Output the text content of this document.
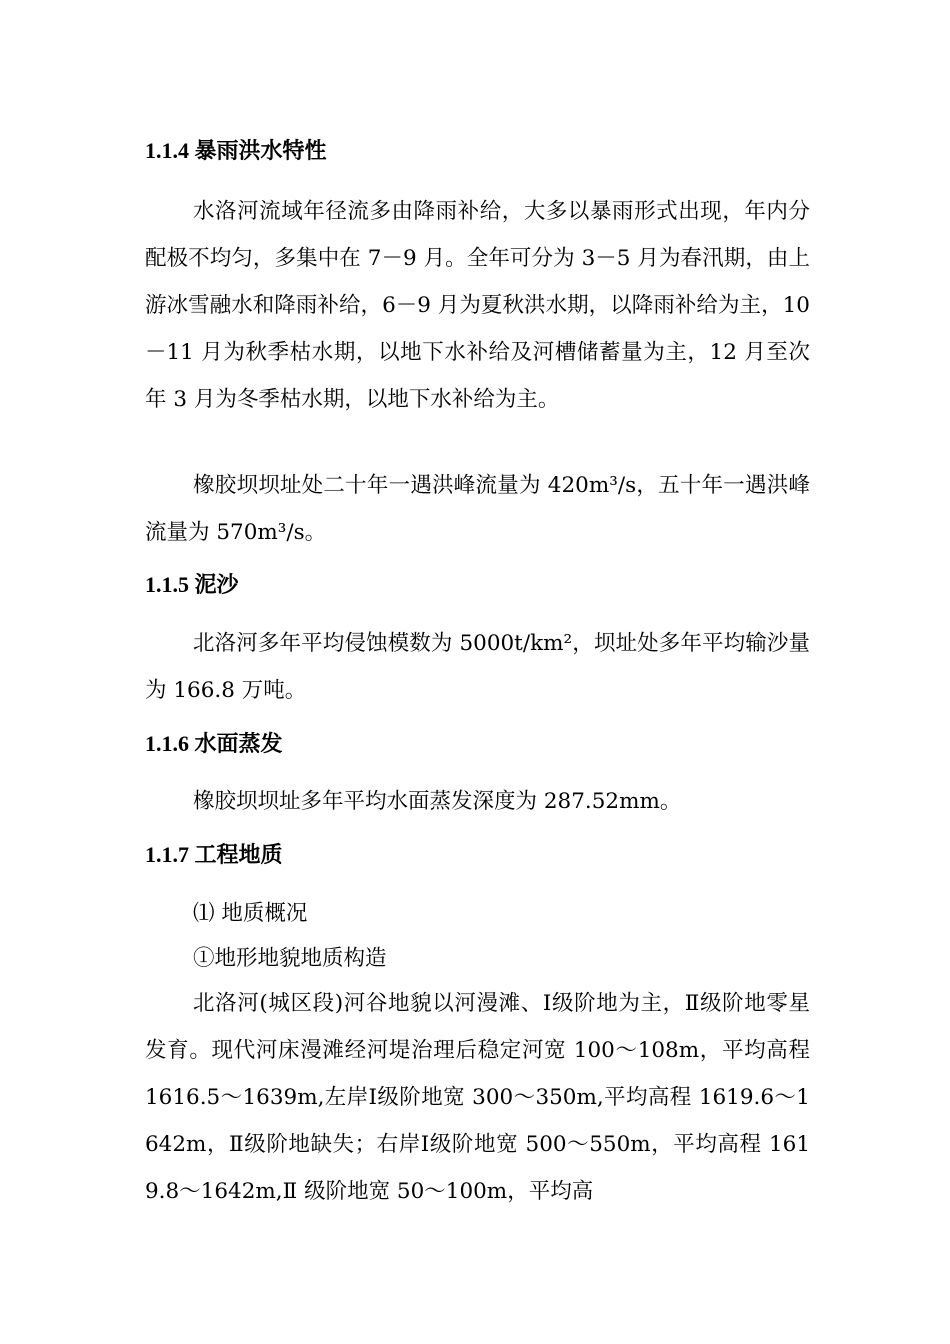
1.1.4 暴雨洪水特性
水洛河流域年径流多由降雨补给，大多以暴雨形式出现，年内分配极不均匀，多集中在 7－9 月。全年可分为 3－5 月为春汛期，由上游冰雪融水和降雨补给，6－9 月为夏秋洪水期，以降雨补给为主，10－11 月为秋季枯水期，以地下水补给及河槽储蓄量为主，12 月至次年 3 月为冬季枯水期，以地下水补给为主。
橡胶坝坝址处二十年一遇洪峰流量为 420m³/s，五十年一遇洪峰流量为 570m³/s。
1.1.5 泥沙
北洛河多年平均侵蚀模数为 5000t/km²，坝址处多年平均输沙量为 166.8 万吨。
1.1.6 水面蒸发
橡胶坝坝址多年平均水面蒸发深度为 287.52mm。
1.1.7 工程地质
⑴ 地质概况
①地形地貌地质构造
北洛河(城区段)河谷地貌以河漫滩、Ⅰ级阶地为主，Ⅱ级阶地零星发育。现代河床漫滩经河堤治理后稳定河宽 100～108m，平均高程 1616.5～1639m,左岸Ⅰ级阶地宽 300～350m,平均高程 1619.6～1642m，Ⅱ级阶地缺失；右岸Ⅰ级阶地宽 500～550m，平均高程 1619.8～1642m,Ⅱ 级阶地宽 50～100m，平均高
